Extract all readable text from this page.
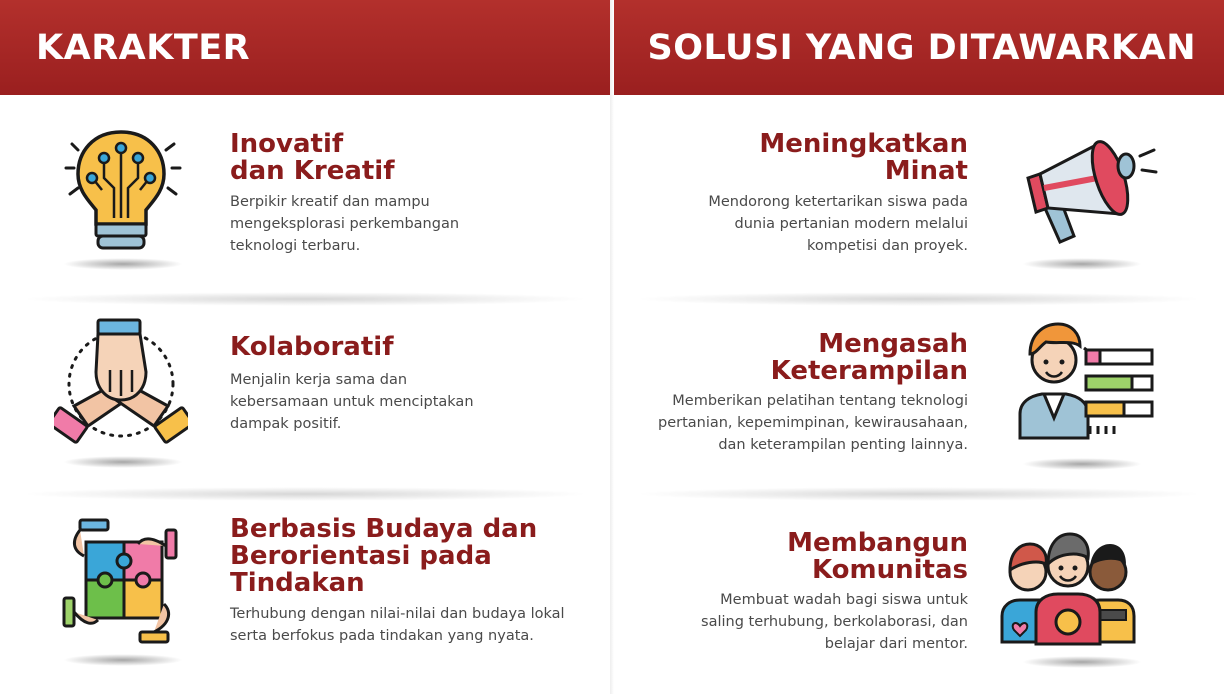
KARAKTER	SOLUSI YANG DITAWARKAN

Inovatif
dan Kreatif

Berpikir kreatif dan mampu
mengeksplorasi perkembangan
teknologi terbaru.

Kolaboratif

Menjalin kerja sama dan
kebersamaan untuk menciptakan
dampak positif.

Berbasis Budaya dan
Berorientasi pada
Tindakan

Terhubung dengan nilai-nilai dan budaya lokal
serta berfokus pada tindakan yang nyata.

Meningkatkan
Minat

Mendorong ketertarikan siswa pada
dunia pertanian modern melalui
kompetisi dan proyek.

Mengasah
Keterampilan

Memberikan pelatihan tentang teknologi
pertanian, kepemimpinan, kewirausahaan,
dan keterampilan penting lainnya.

Membangun
Komunitas

Membuat wadah bagi siswa untuk
saling terhubung, berkolaborasi, dan
belajar dari mentor.
